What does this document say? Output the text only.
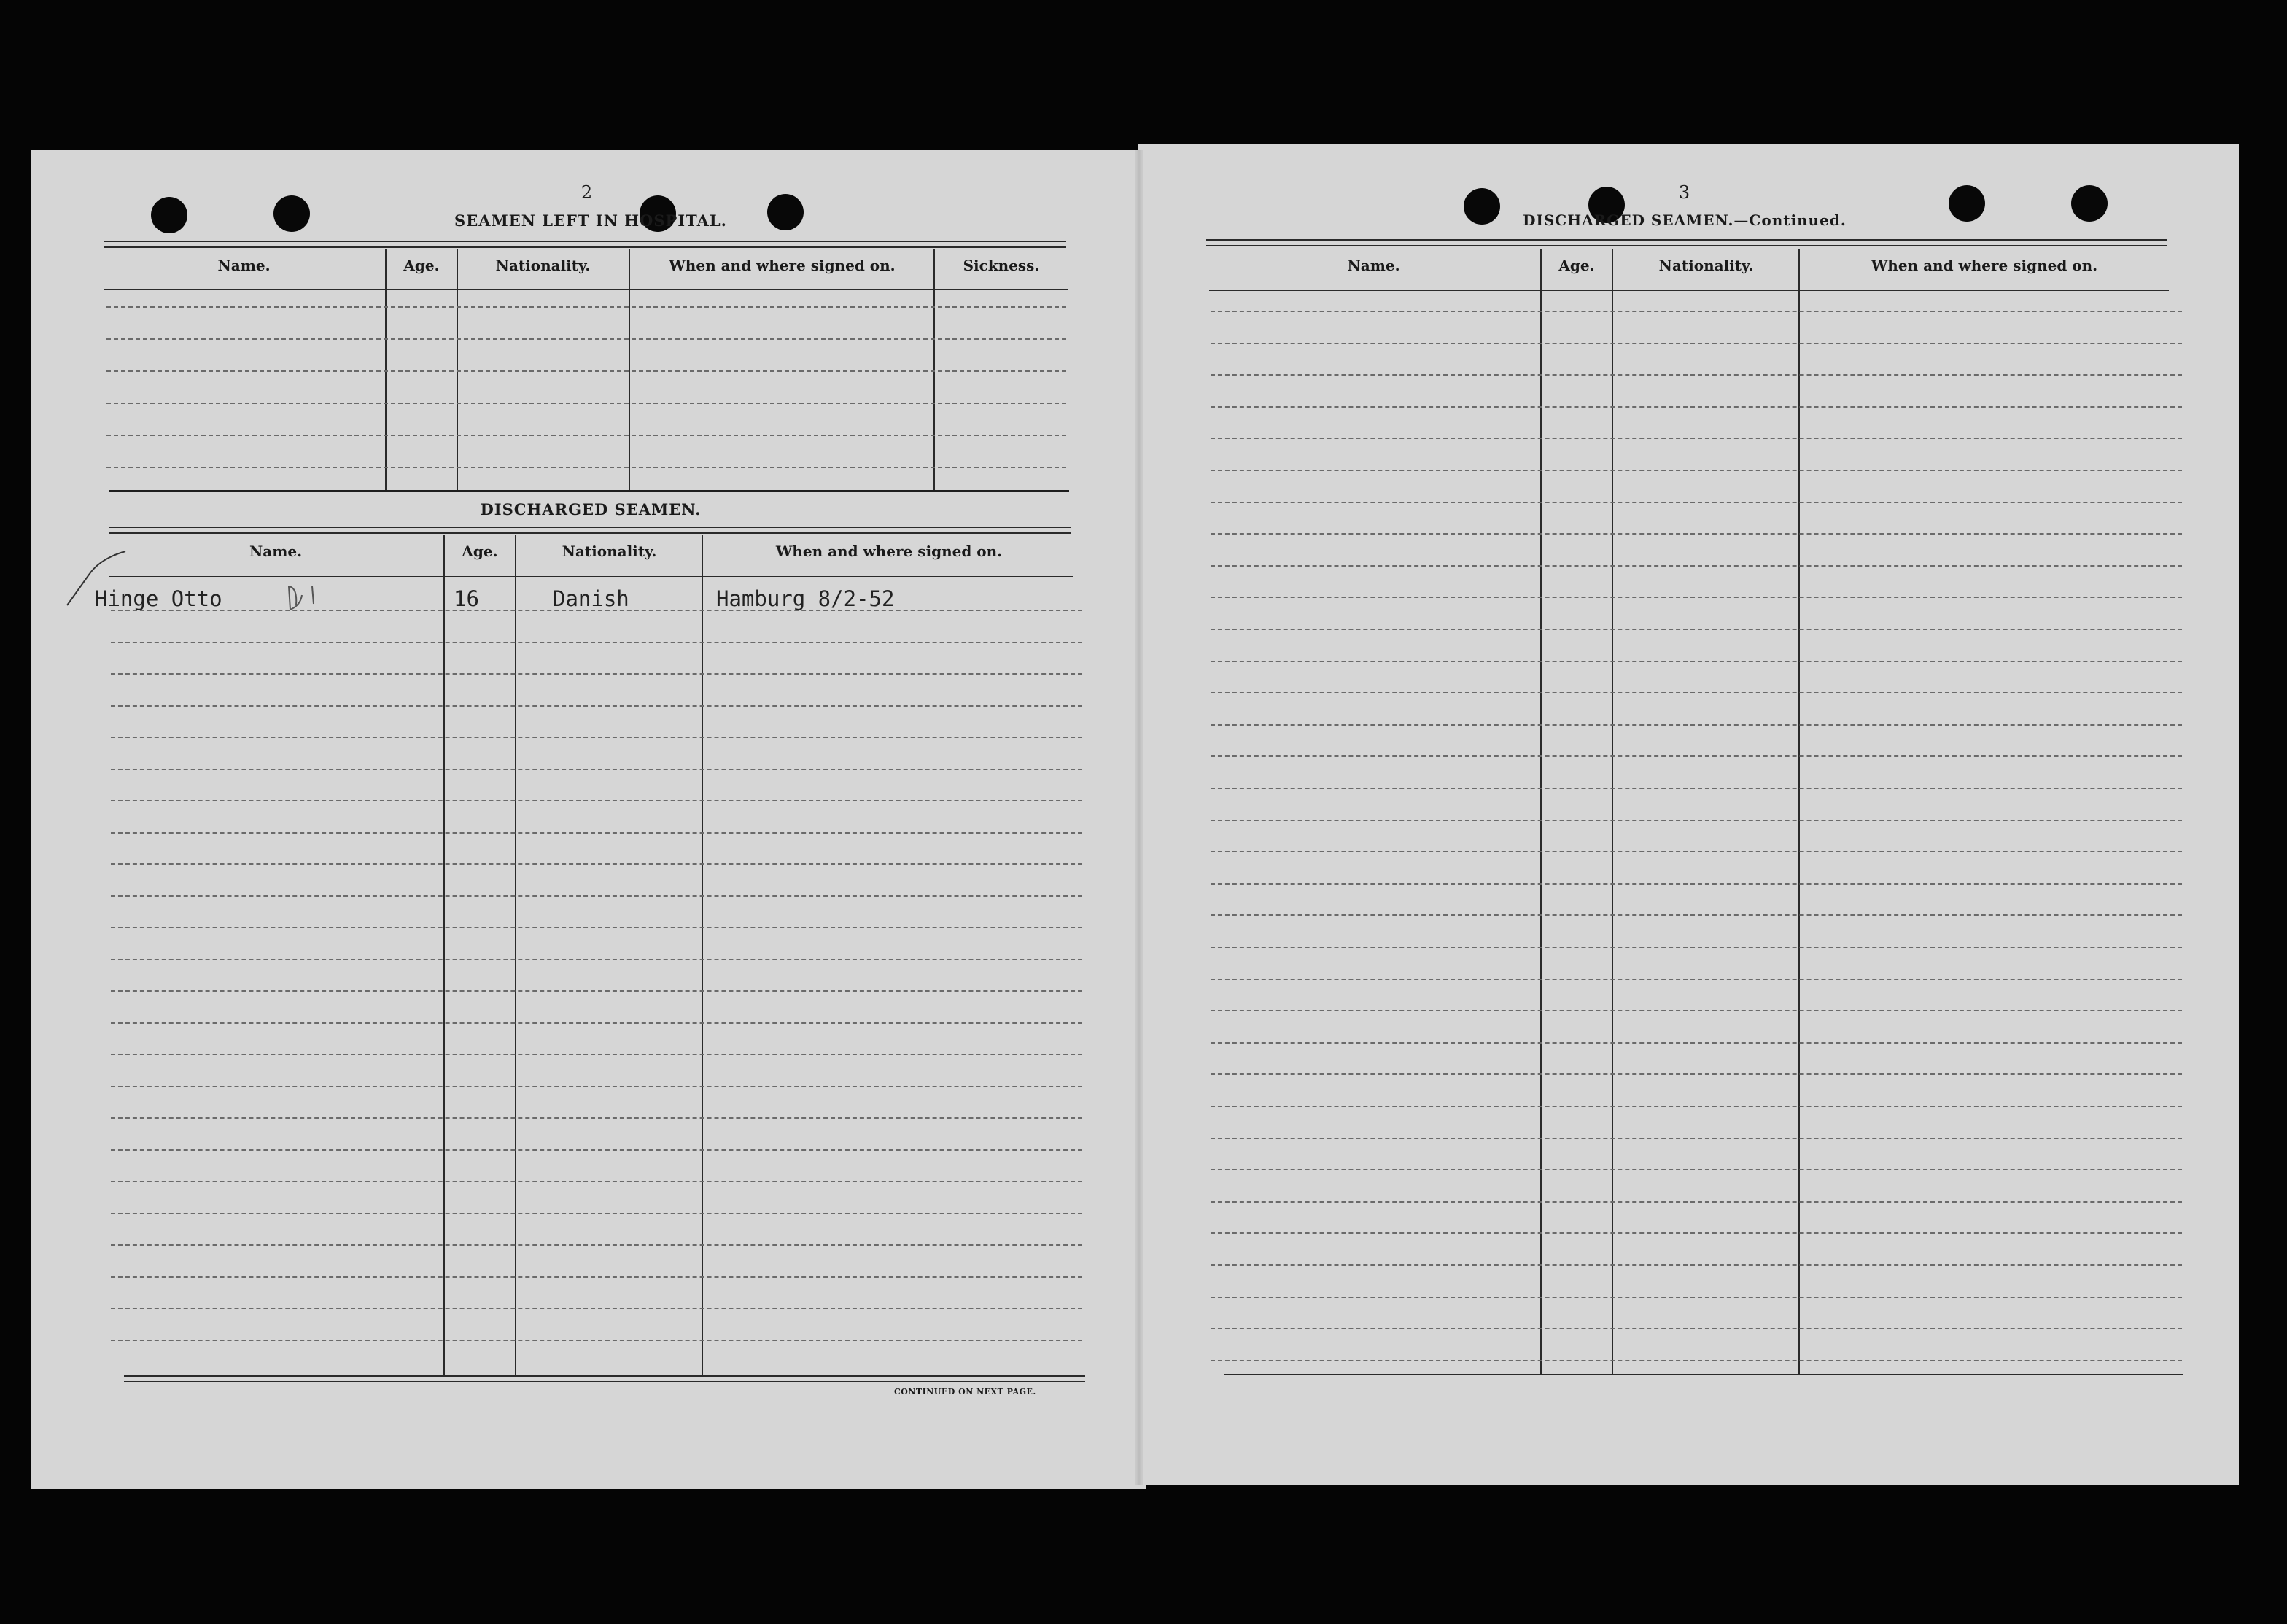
2
SEAMEN LEFT IN HOSPITAL.
Name.	Age.	Nationality.	When and where signed on.	Sickness.
DISCHARGED SEAMEN.
Name.	Age.	Nationality.	When and where signed on.
Hinge Otto	16	Danish	Hamburg 8/2-52
CONTINUED ON NEXT PAGE.
3
DISCHARGED SEAMEN.—Continued.
Name.	Age.	Nationality.	When and where signed on.
